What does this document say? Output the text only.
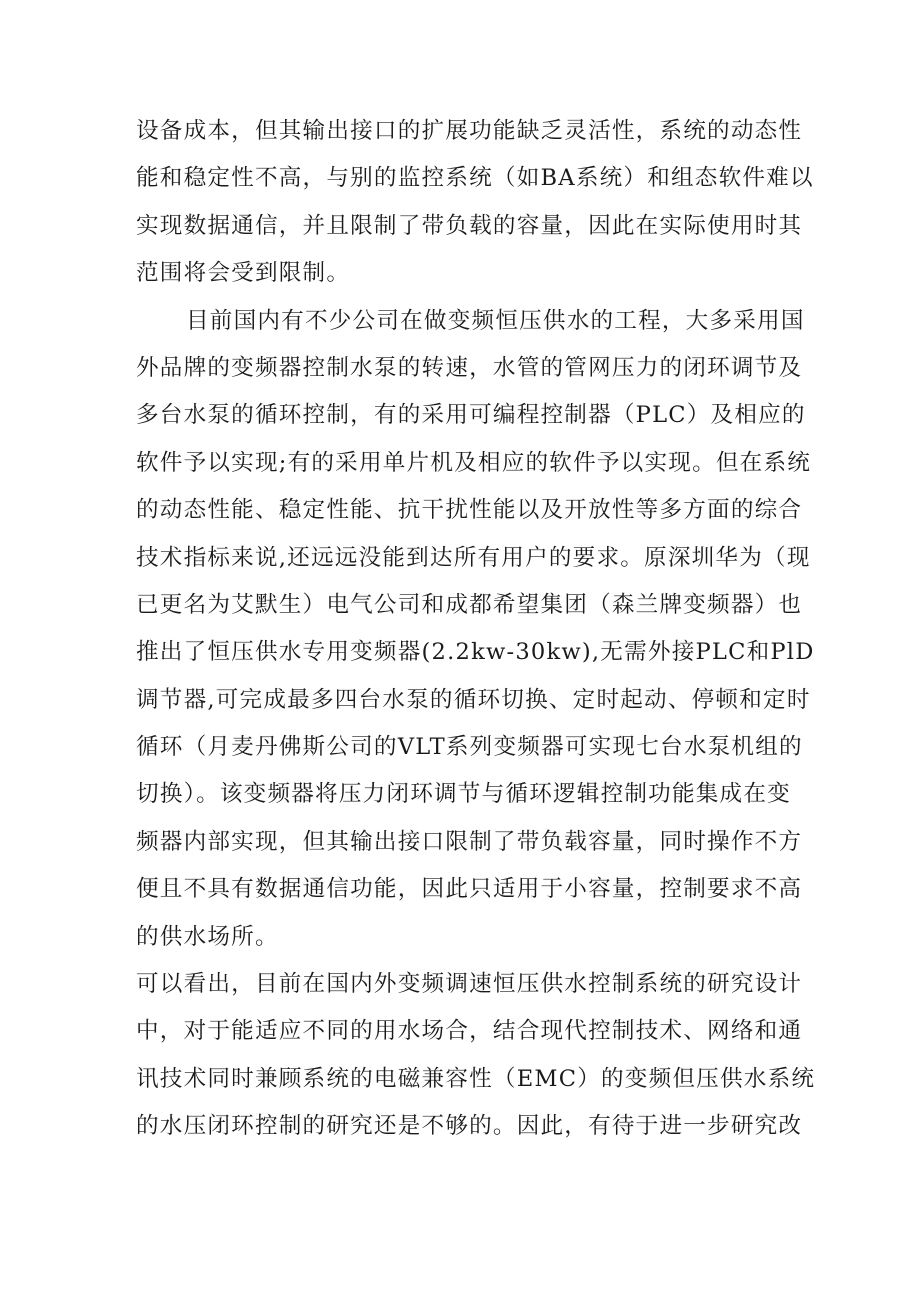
设备成本，但其输出接口的扩展功能缺乏灵活性，系统的动态性
能和稳定性不高，与别的监控系统（如BA系统）和组态软件难以
实现数据通信，并且限制了带负载的容量，因此在实际使用时其
范围将会受到限制。
目前国内有不少公司在做变频恒压供水的工程，大多采用国
外品牌的变频器控制水泵的转速，水管的管网压力的闭环调节及
多台水泵的循环控制，有的采用可编程控制器（PLC）及相应的
软件予以实现;有的采用单片机及相应的软件予以实现。但在系统
的动态性能、稳定性能、抗干扰性能以及开放性等多方面的综合
技术指标来说,还远远没能到达所有用户的要求。原深圳华为（现
已更名为艾默生）电气公司和成都希望集团（森兰牌变频器）也
推出了恒压供水专用变频器(2.2kw-30kw),无需外接PLC和PlD
调节器,可完成最多四台水泵的循环切换、定时起动、停顿和定时
循环（月麦丹佛斯公司的VLT系列变频器可实现七台水泵机组的
切换）。该变频器将压力闭环调节与循环逻辑控制功能集成在变
频器内部实现，但其输出接口限制了带负载容量，同时操作不方
便且不具有数据通信功能，因此只适用于小容量，控制要求不高
的供水场所。
可以看出，目前在国内外变频调速恒压供水控制系统的研究设计
中，对于能适应不同的用水场合，结合现代控制技术、网络和通
讯技术同时兼顾系统的电磁兼容性（EMC）的变频但压供水系统
的水压闭环控制的研究还是不够的。因此，有待于进一步研究改
